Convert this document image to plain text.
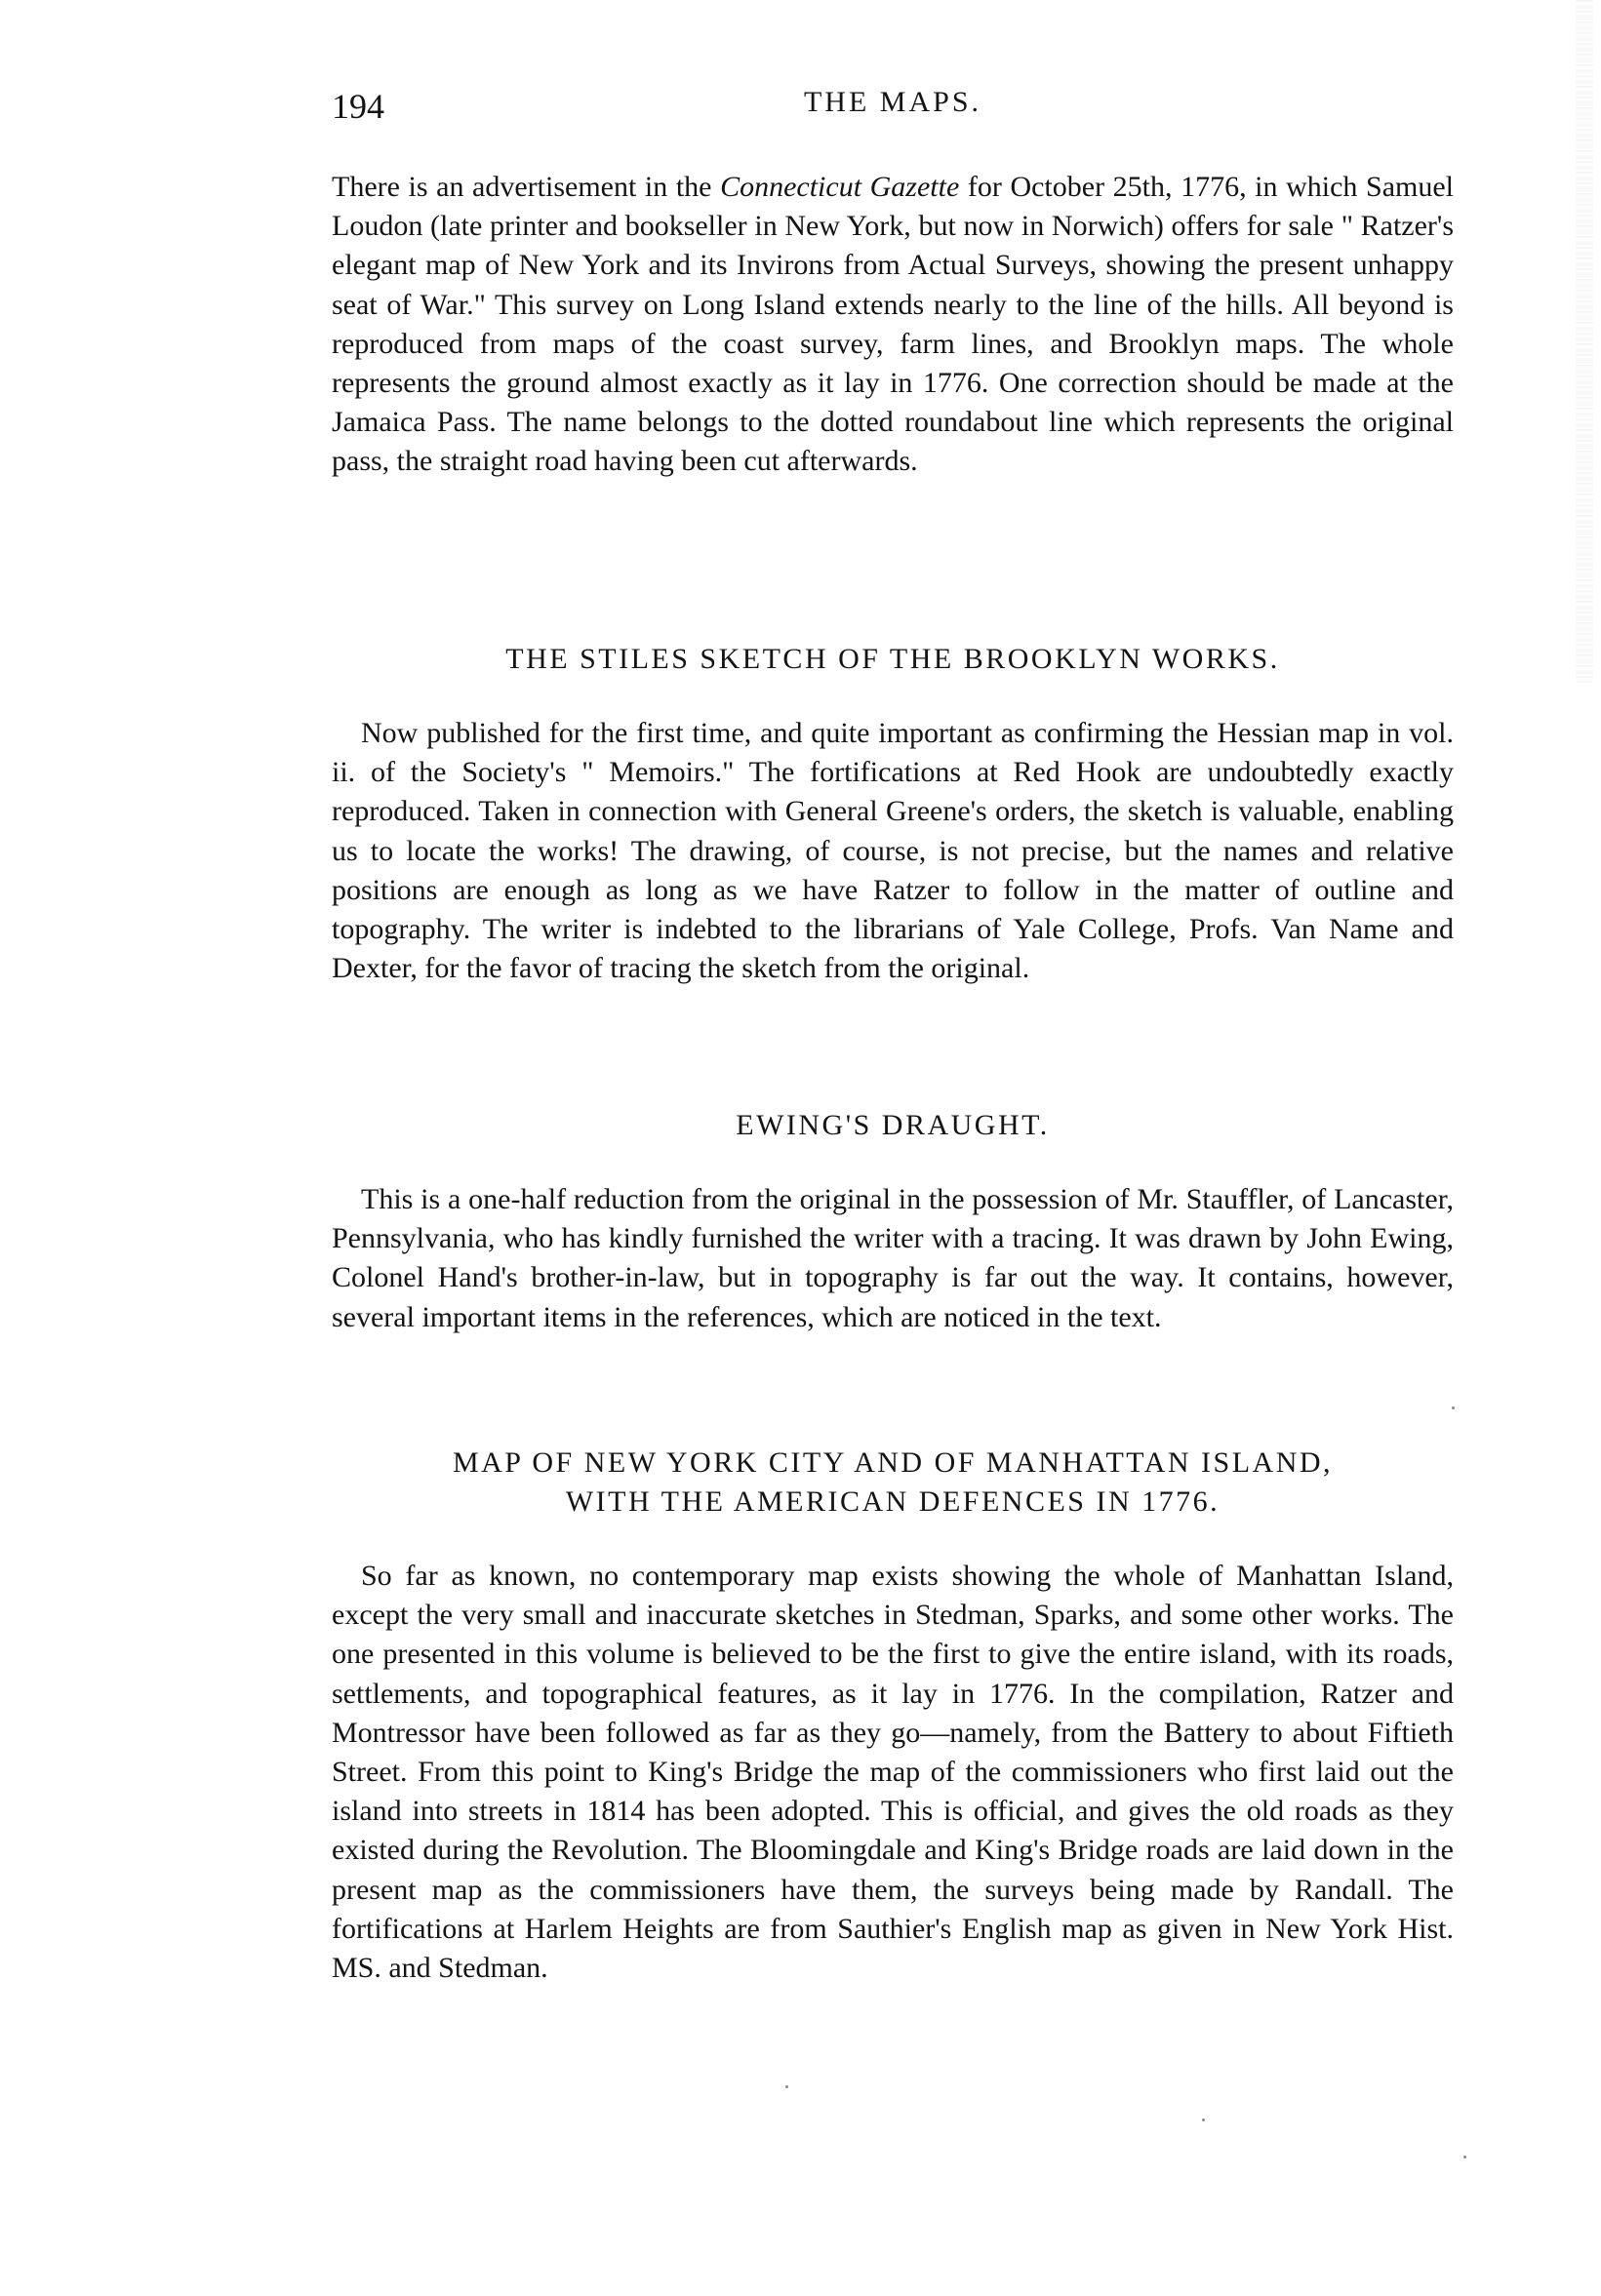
194	THE MAPS.

There is an advertisement in the Connecticut Gazette for October 25th, 1776, in which Samuel Loudon (late printer and bookseller in New York, but now in Norwich) offers for sale " Ratzer's elegant map of New York and its Invirons from Actual Surveys, showing the present unhappy seat of War." This survey on Long Island extends nearly to the line of the hills. All beyond is reproduced from maps of the coast survey, farm lines, and Brooklyn maps. The whole represents the ground almost exactly as it lay in 1776. One correction should be made at the Jamaica Pass. The name belongs to the dotted roundabout line which represents the original pass, the straight road having been cut afterwards.

THE STILES SKETCH OF THE BROOKLYN WORKS.

Now published for the first time, and quite important as confirming the Hessian map in vol. ii. of the Society's " Memoirs." The fortifications at Red Hook are undoubtedly exactly reproduced. Taken in connection with General Greene's orders, the sketch is valuable, enabling us to locate the works! The drawing, of course, is not precise, but the names and relative positions are enough as long as we have Ratzer to follow in the matter of outline and topography. The writer is indebted to the librarians of Yale College, Profs. Van Name and Dexter, for the favor of tracing the sketch from the original.

EWING'S DRAUGHT.

This is a one-half reduction from the original in the possession of Mr. Stauffler, of Lancaster, Pennsylvania, who has kindly furnished the writer with a tracing. It was drawn by John Ewing, Colonel Hand's brother-in-law, but in topography is far out the way. It contains, however, several important items in the references, which are noticed in the text.

MAP OF NEW YORK CITY AND OF MANHATTAN ISLAND,
WITH THE AMERICAN DEFENCES IN 1776.

So far as known, no contemporary map exists showing the whole of Manhattan Island, except the very small and inaccurate sketches in Stedman, Sparks, and some other works. The one presented in this volume is believed to be the first to give the entire island, with its roads, settlements, and topographical features, as it lay in 1776. In the compilation, Ratzer and Montressor have been followed as far as they go—namely, from the Battery to about Fiftieth Street. From this point to King's Bridge the map of the commissioners who first laid out the island into streets in 1814 has been adopted. This is official, and gives the old roads as they existed during the Revolution. The Bloomingdale and King's Bridge roads are laid down in the present map as the commissioners have them, the surveys being made by Randall. The fortifications at Harlem Heights are from Sauthier's English map as given in New York Hist. MS. and Stedman.
